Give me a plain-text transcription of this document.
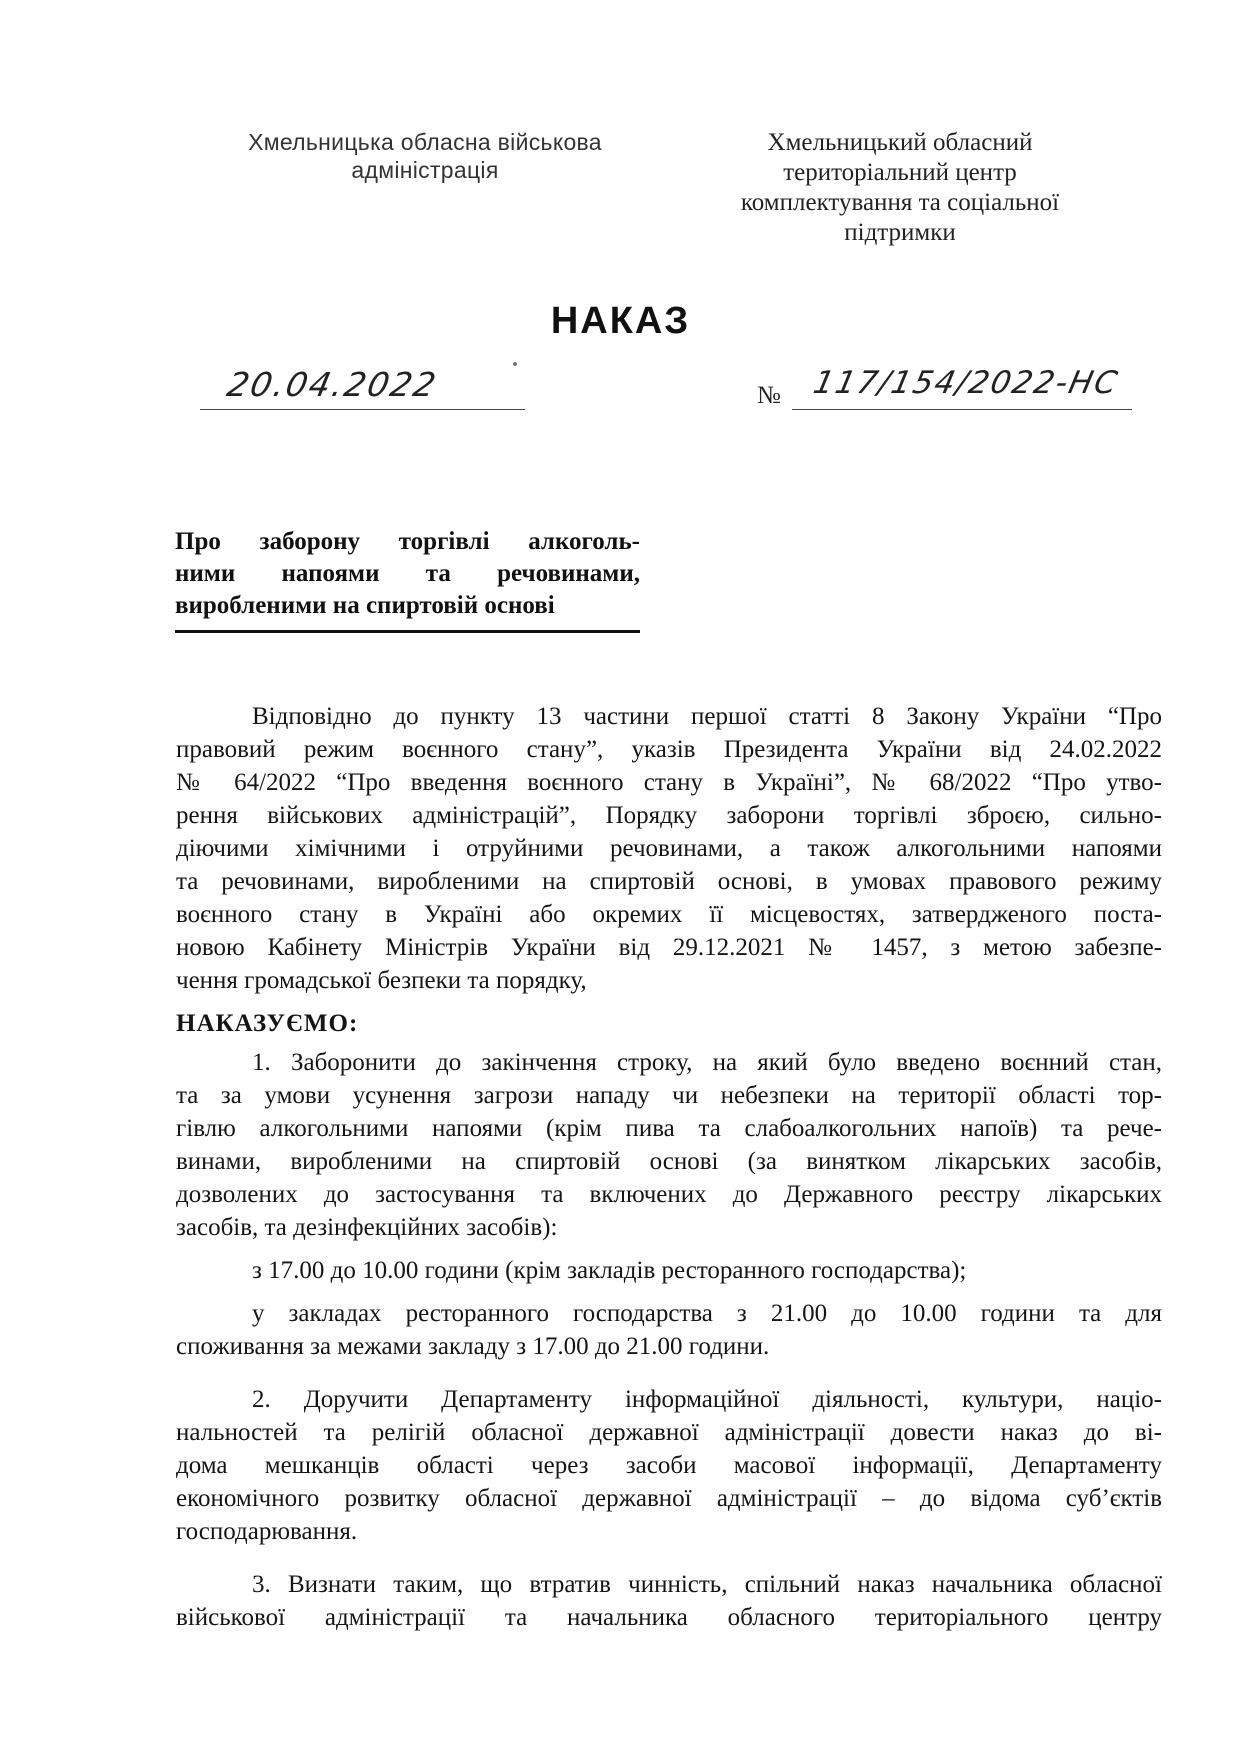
Хмельницька обласна військова
адміністрація
Хмельницький обласний
територіальний центр
комплектування та соціальної
підтримки
НАКАЗ
20.04.2022	№ 117/154/2022-НС
Про заборону торгівлі алкоголь-
ними напоями та речовинами,
виробленими на спиртовій основі
Відповідно до пункту 13 частини першої статті 8 Закону України “Про
правовий режим воєнного стану”, указів Президента України від 24.02.2022
№ 64/2022 “Про введення воєнного стану в Україні”, № 68/2022 “Про утво-
рення військових адміністрацій”, Порядку заборони торгівлі зброєю, сильно-
діючими хімічними і отруйними речовинами, а також алкогольними напоями
та речовинами, виробленими на спиртовій основі, в умовах правового режиму
воєнного стану в Україні або окремих її місцевостях, затвердженого поста-
новою Кабінету Міністрів України від 29.12.2021 № 1457, з метою забезпе-
чення громадської безпеки та порядку,
НАКАЗУЄМО:
1. Заборонити до закінчення строку, на який було введено воєнний стан,
та за умови усунення загрози нападу чи небезпеки на території області тор-
гівлю алкогольними напоями (крім пива та слабоалкогольних напоїв) та рече-
винами, виробленими на спиртовій основі (за винятком лікарських засобів,
дозволених до застосування та включених до Державного реєстру лікарських
засобів, та дезінфекційних засобів):
з 17.00 до 10.00 години (крім закладів ресторанного господарства);
у закладах ресторанного господарства з 21.00 до 10.00 години та для
споживання за межами закладу з 17.00 до 21.00 години.
2. Доручити Департаменту інформаційної діяльності, культури, націо-
нальностей та релігій обласної державної адміністрації довести наказ до ві-
дома мешканців області через засоби масової інформації, Департаменту
економічного розвитку обласної державної адміністрації – до відома суб’єктів
господарювання.
3. Визнати таким, що втратив чинність, спільний наказ начальника обласної
військової адміністрації та начальника обласного територіального центру
